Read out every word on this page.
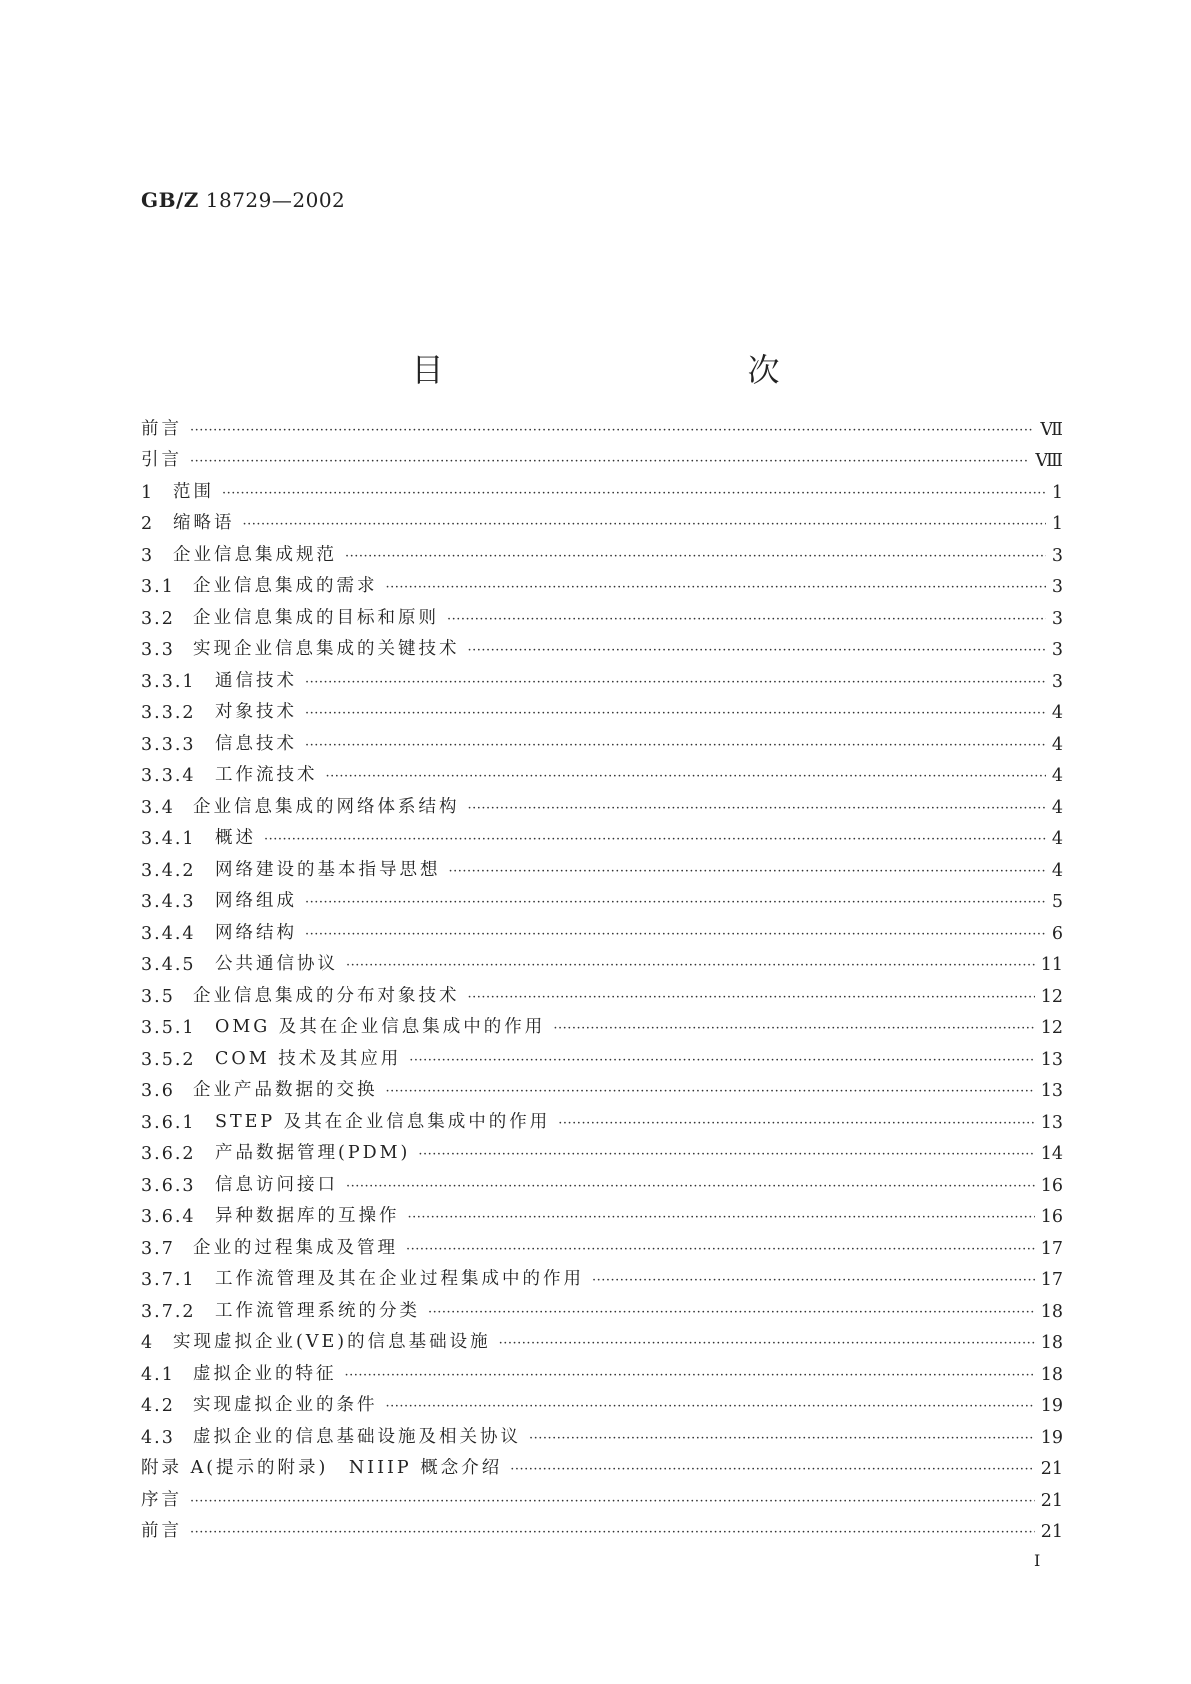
GB/Z 18729—2002
目　　次
前言 ·····	Ⅶ
引言 ·····	Ⅷ
1	范围 ·····	1
2	缩略语 ·····	1
3	企业信息集成规范 ·····	3
3.1	企业信息集成的需求 ·····	3
3.2	企业信息集成的目标和原则 ·····	3
3.3	实现企业信息集成的关键技术 ·····	3
3.3.1	通信技术 ·····	3
3.3.2	对象技术 ·····	4
3.3.3	信息技术 ·····	4
3.3.4	工作流技术 ·····	4
3.4	企业信息集成的网络体系结构 ·····	4
3.4.1	概述 ·····	4
3.4.2	网络建设的基本指导思想 ·····	4
3.4.3	网络组成 ·····	5
3.4.4	网络结构 ·····	6
3.4.5	公共通信协议 ·····	11
3.5	企业信息集成的分布对象技术 ·····	12
3.5.1	OMG 及其在企业信息集成中的作用 ·····	12
3.5.2	COM 技术及其应用 ·····	13
3.6	企业产品数据的交换 ·····	13
3.6.1	STEP 及其在企业信息集成中的作用 ·····	13
3.6.2	产品数据管理(PDM) ·····	14
3.6.3	信息访问接口 ·····	16
3.6.4	异种数据库的互操作 ·····	16
3.7	企业的过程集成及管理 ·····	17
3.7.1	工作流管理及其在企业过程集成中的作用 ·····	17
3.7.2	工作流管理系统的分类 ·····	18
4	实现虚拟企业(VE)的信息基础设施 ·····	18
4.1	虚拟企业的特征 ·····	18
4.2	实现虚拟企业的条件 ·····	19
4.3	虚拟企业的信息基础设施及相关协议 ·····	19
附录 A(提示的附录)　NIIIP 概念介绍 ·····	21
序言 ·····	21
前言 ·····	21
Ⅰ
